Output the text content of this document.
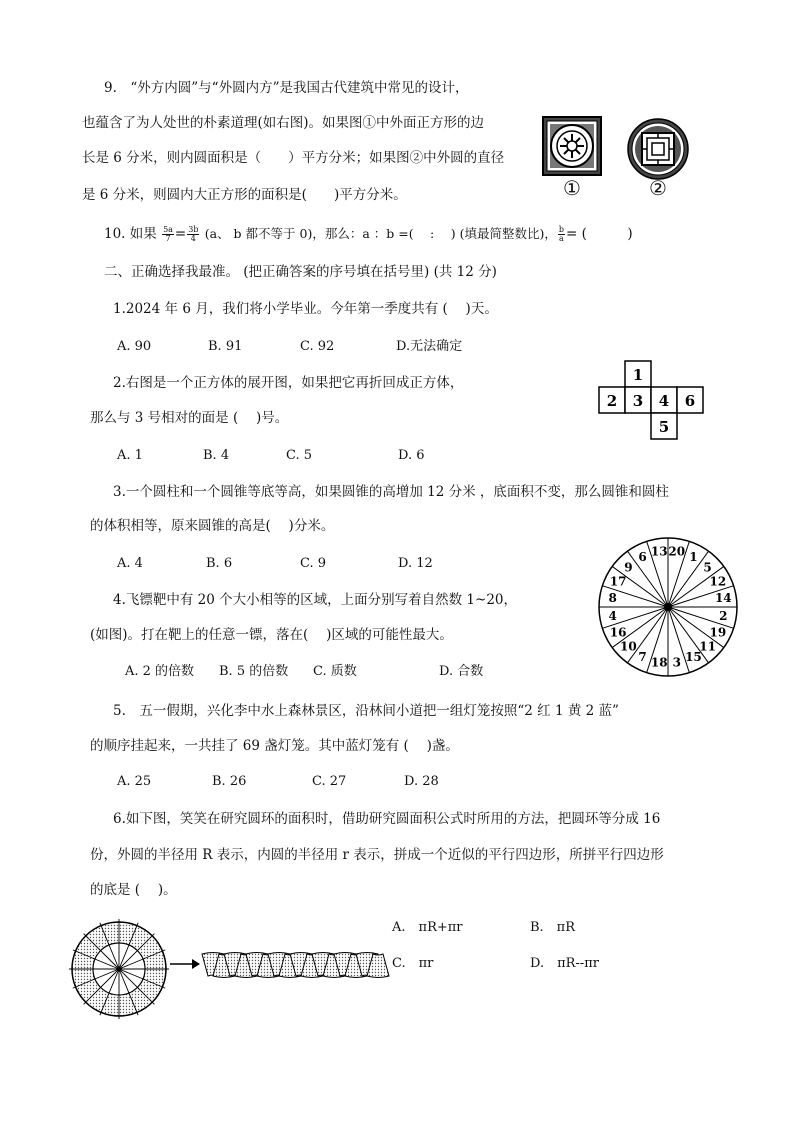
9.　“外方内圆”与“外圆内方”是我国古代建筑中常见的设计，
也蕴含了为人处世的朴素道理(如右图)。如果图①中外面正方形的边
长是 6 分米，则内圆面积是（　　）平方分米；如果图②中外圆的直径
是 6 分米，则圆内大正方形的面积是(　　)平方分米。	①	②
10. 如果 $\frac{5a}{7} = \frac{3b}{4} (a$、 b 都不等于 0)，那么：a ：b =(　 :　 ) (填最简整数比)， $\frac{b}{a}$ = (　　　)
二、正确选择我最准。 (把正确答案的序号填在括号里) (共 12 分)
1.2024 年 6 月，我们将小学毕业。今年第一季度共有 (　 )天。
A. 90	B. 91	C. 92	D.无法确定
2.右图是一个正方体的展开图，如果把它再折回成正方体，
那么与 3 号相对的面是 (　 )号。
A. 1	B. 4	C. 5	D. 6
1
2 3 4 6
5
3.一个圆柱和一个圆锥等底等高，如果圆锥的高增加 12 分米 ，底面积不变，那么圆锥和圆柱
的体积相等，原来圆锥的高是(　 )分米。
A. 4	B. 6	C. 9	D. 12
4.飞镖靶中有 20 个大小相等的区域，上面分别写着自然数 1~20，
(如图)。打在靶上的任意一镖，落在(　 )区域的可能性最大。
A. 2 的倍数 B. 5 的倍数 C. 质数	D. 合数
20 1
5
12
14
2
19
11
15
3
18
7
10
16
4
8
17
9
6 13
5.　五一假期，兴化李中水上森林景区，沿林间小道把一组灯笼按照“2 红 1 黄 2 蓝”
的顺序挂起来，一共挂了 69 盏灯笼。其中蓝灯笼有 (　 )盏。
A. 25	B. 26	C. 27	D. 28
6.如下图，笑笑在研究圆环的面积时，借助研究圆面积公式时所用的方法，把圆环等分成 16
份，外圆的半径用 R 表示，内圆的半径用 r 表示，拼成一个近似的平行四边形，所拼平行四边形
的底是 (　 )。
A.　πR+πr	B.　πR
C.　πr	D.　πR--πr
